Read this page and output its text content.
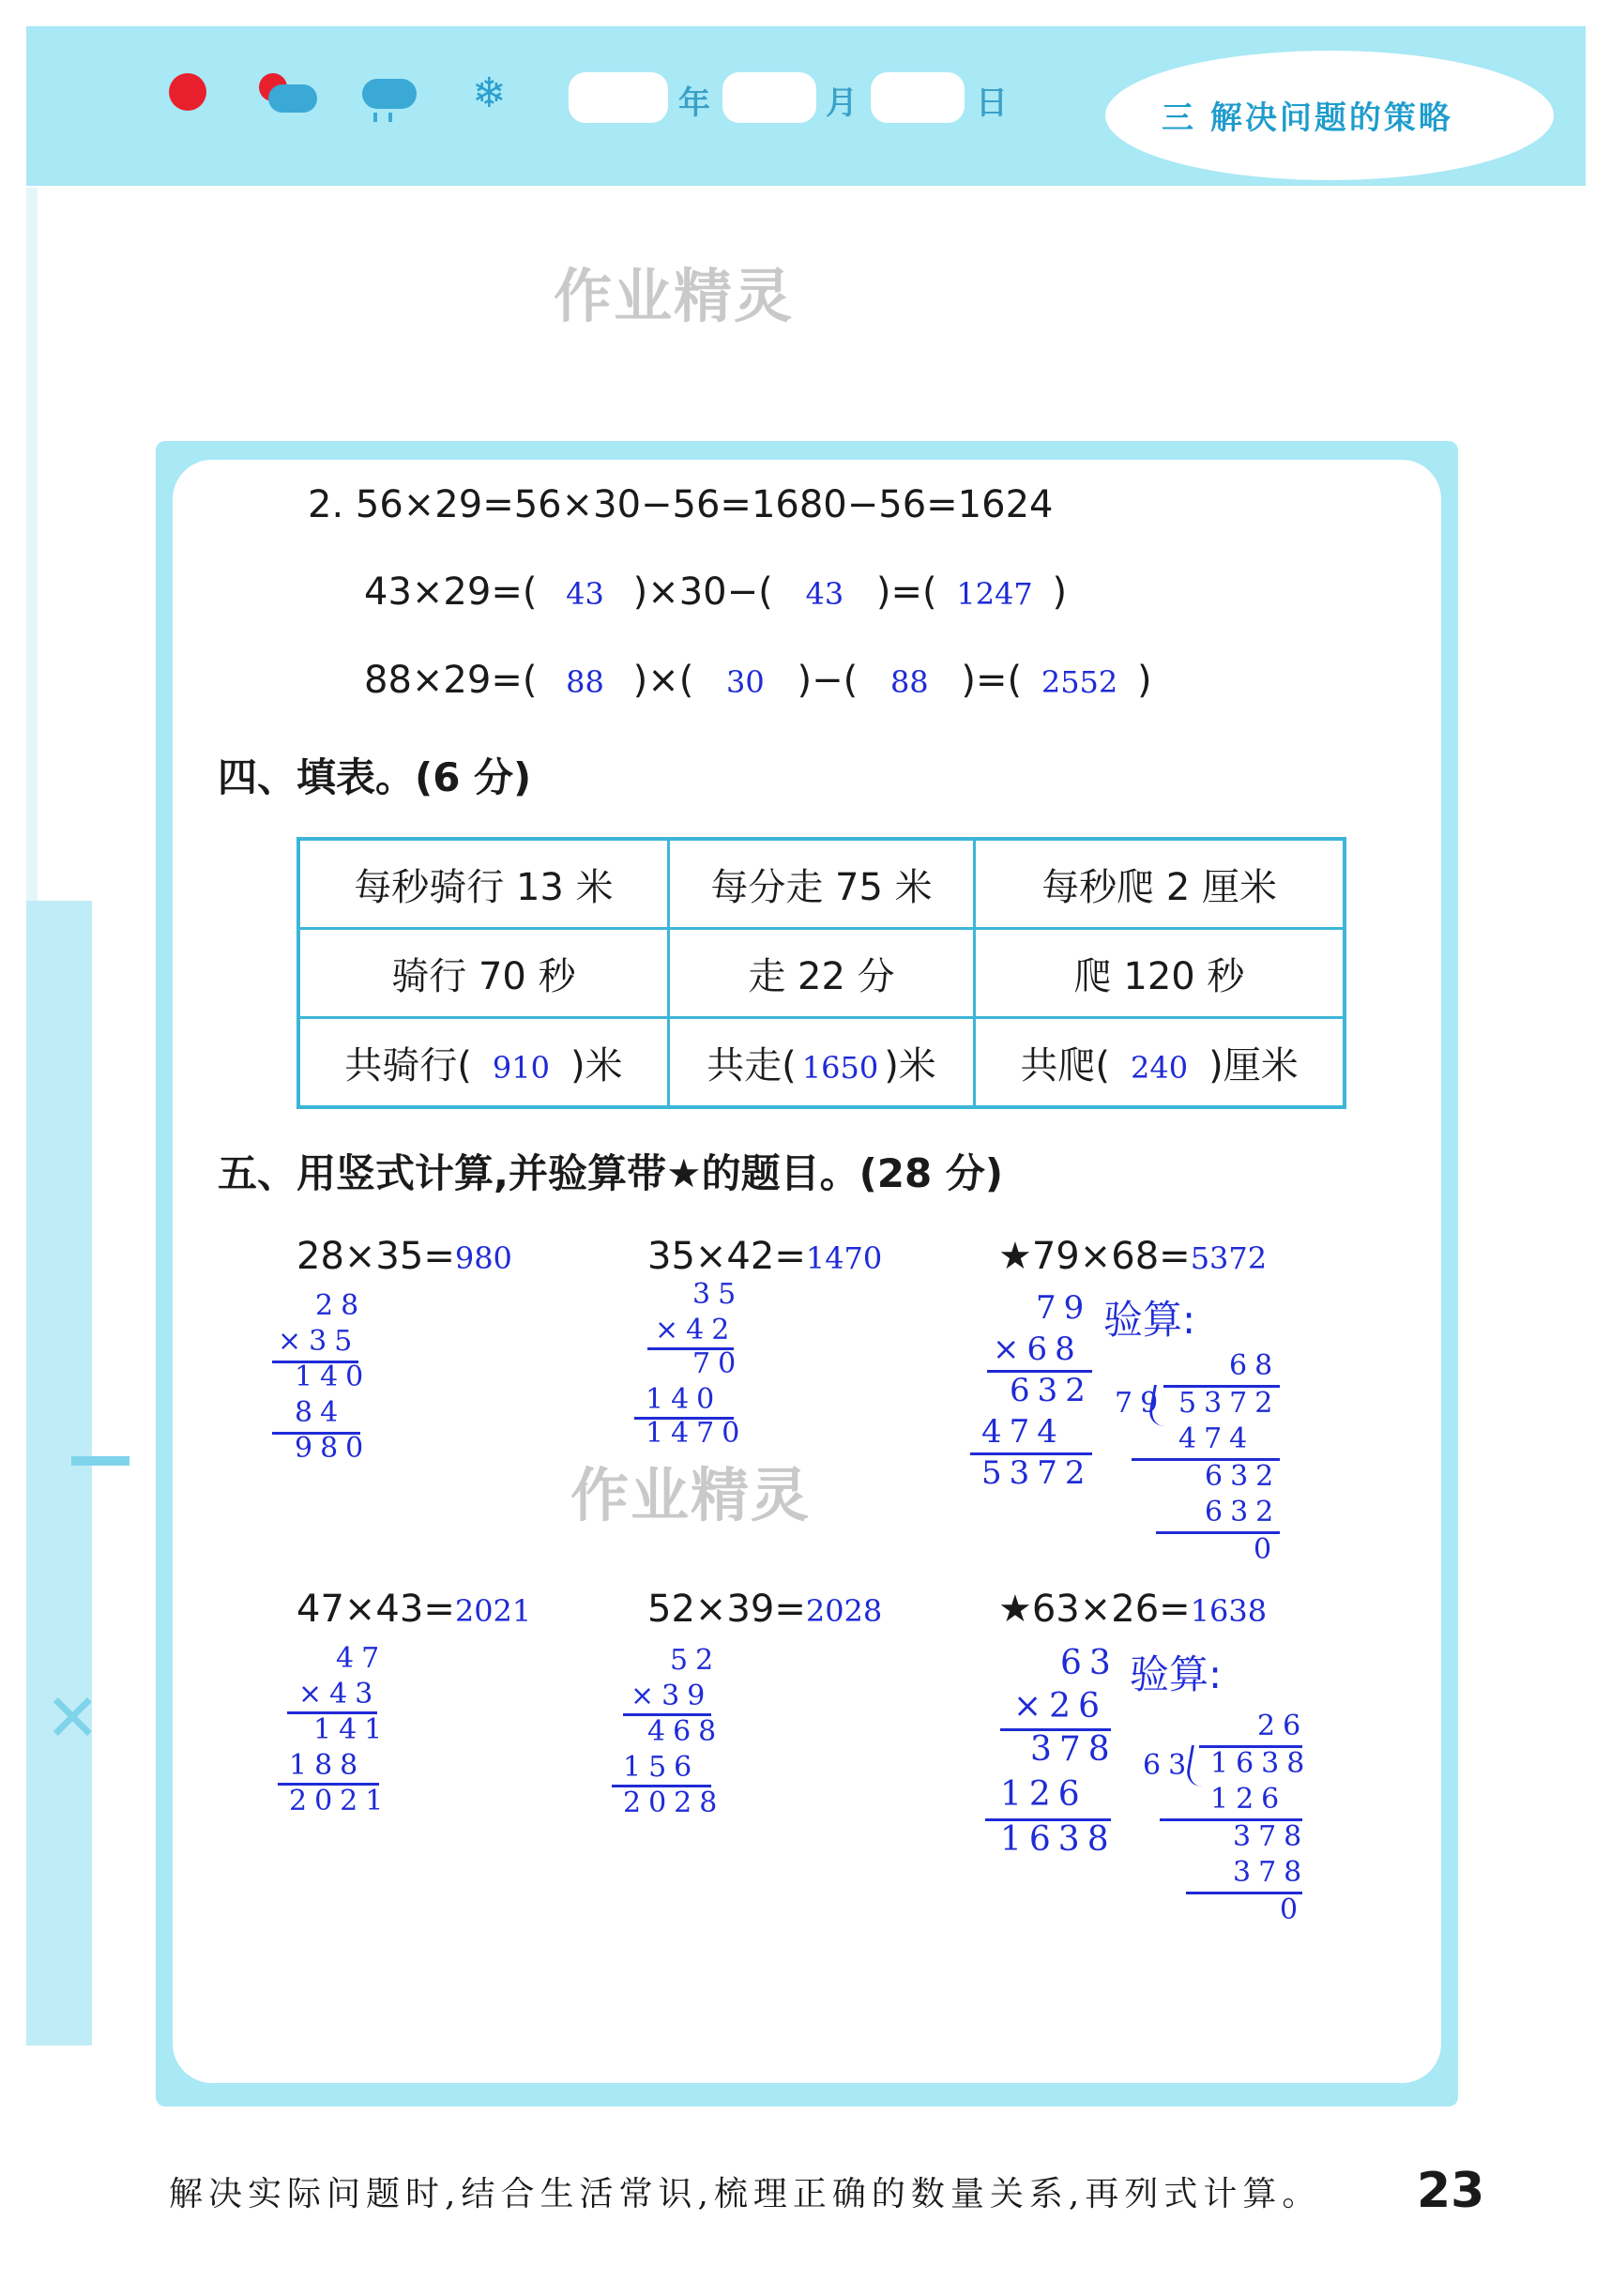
❄	年	月	日	三 解决问题的策略
✕
作业精灵
2. 56×29=56×30−56=1680−56=1624
43×29=( 43 )×30−( 43 )=( 1247 )
88×29=( 88 )×( 30 )−( 88 )=( 2552 )
四、填表。(6 分)
每秒骑行 13 米	每分走 75 米	每秒爬 2 厘米
骑行 70 秒	走 22 分	爬 120 秒
共骑行( 910 )米	共走( 1650 )米	共爬( 240 )厘米
五、用竖式计算,并验算带★的题目。(28 分)
28×35=980
28
×35
140
84
980
35×42=1470
35
×42
70
140
1470
作业精灵
★79×68=5372
79
×68
632
474
5372
验算:
68
79 5372
474
632
632
0
47×43=2021
47
×43
141
188
2021
52×39=2028
52
×39
468
156
2028
★63×26=1638
63
×26
378
126
1638
验算:
26
63 1638
126
378
378
0
解决实际问题时,结合生活常识,梳理正确的数量关系,再列式计算。 23
